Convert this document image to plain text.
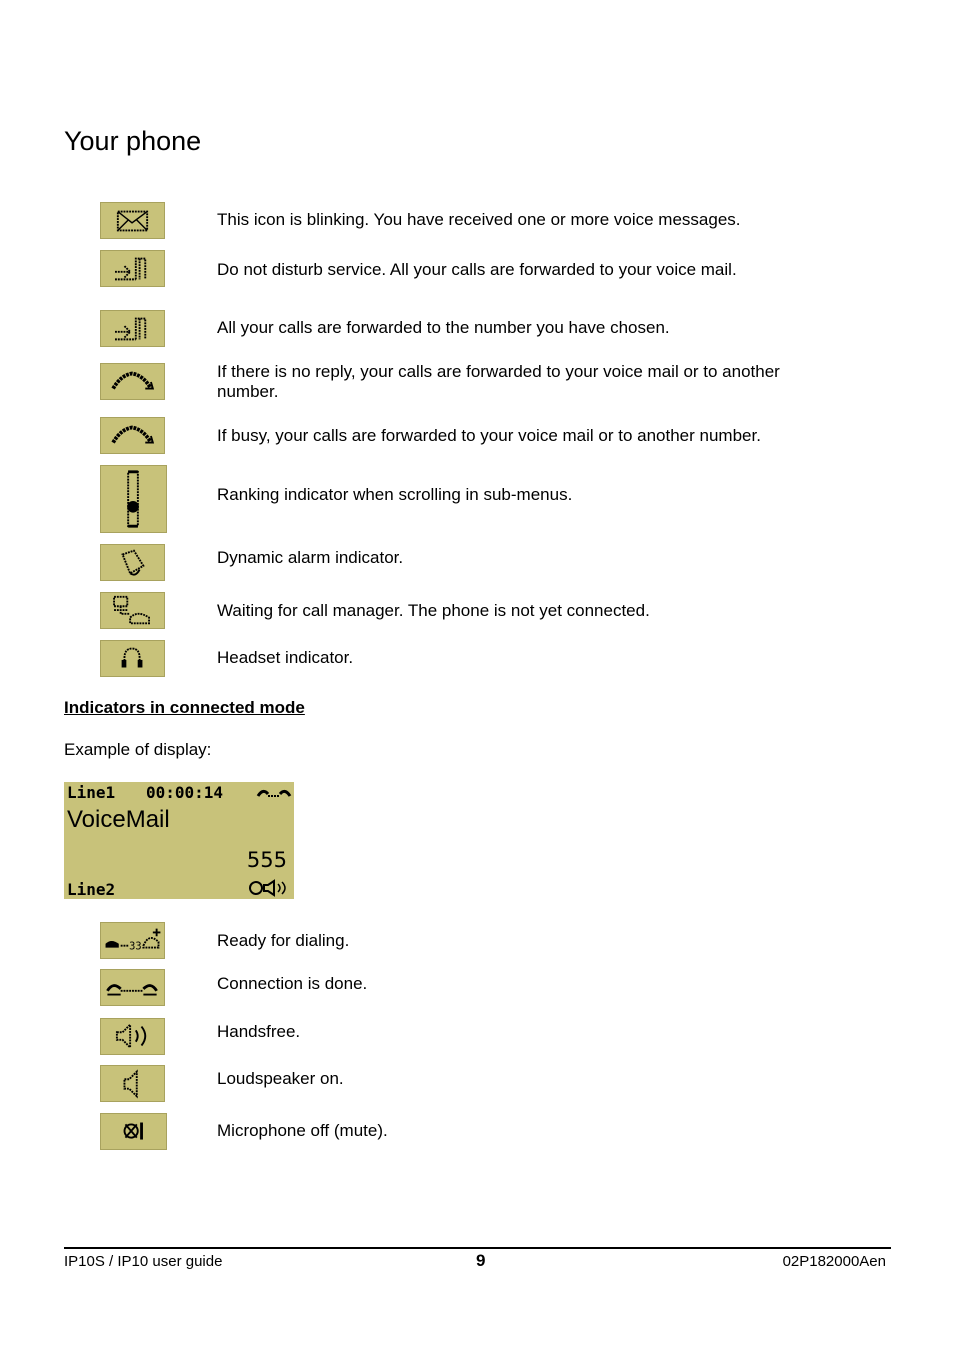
Your phone
This icon is blinking. You have received one or more voice messages.
Do not disturb service. All your calls are forwarded to your voice mail.
All your calls are forwarded to the number you have chosen.
If there is no reply, your calls are forwarded to your voice mail or to another number.
If busy, your calls are forwarded to your voice mail or to another number.
Ranking indicator when scrolling in sub-menus.
Dynamic alarm indicator.
Waiting for call manager. The phone is not yet connected.
Headset indicator.
Indicators in connected mode
Example of display:
Line1 00:00:14
VoiceMail
555
Line2
33	Ready for dialing.
Connection is done.
Handsfree.
Loudspeaker on.
Microphone off (mute).
IP10S / IP10 user guide	9	02P182000Aen
